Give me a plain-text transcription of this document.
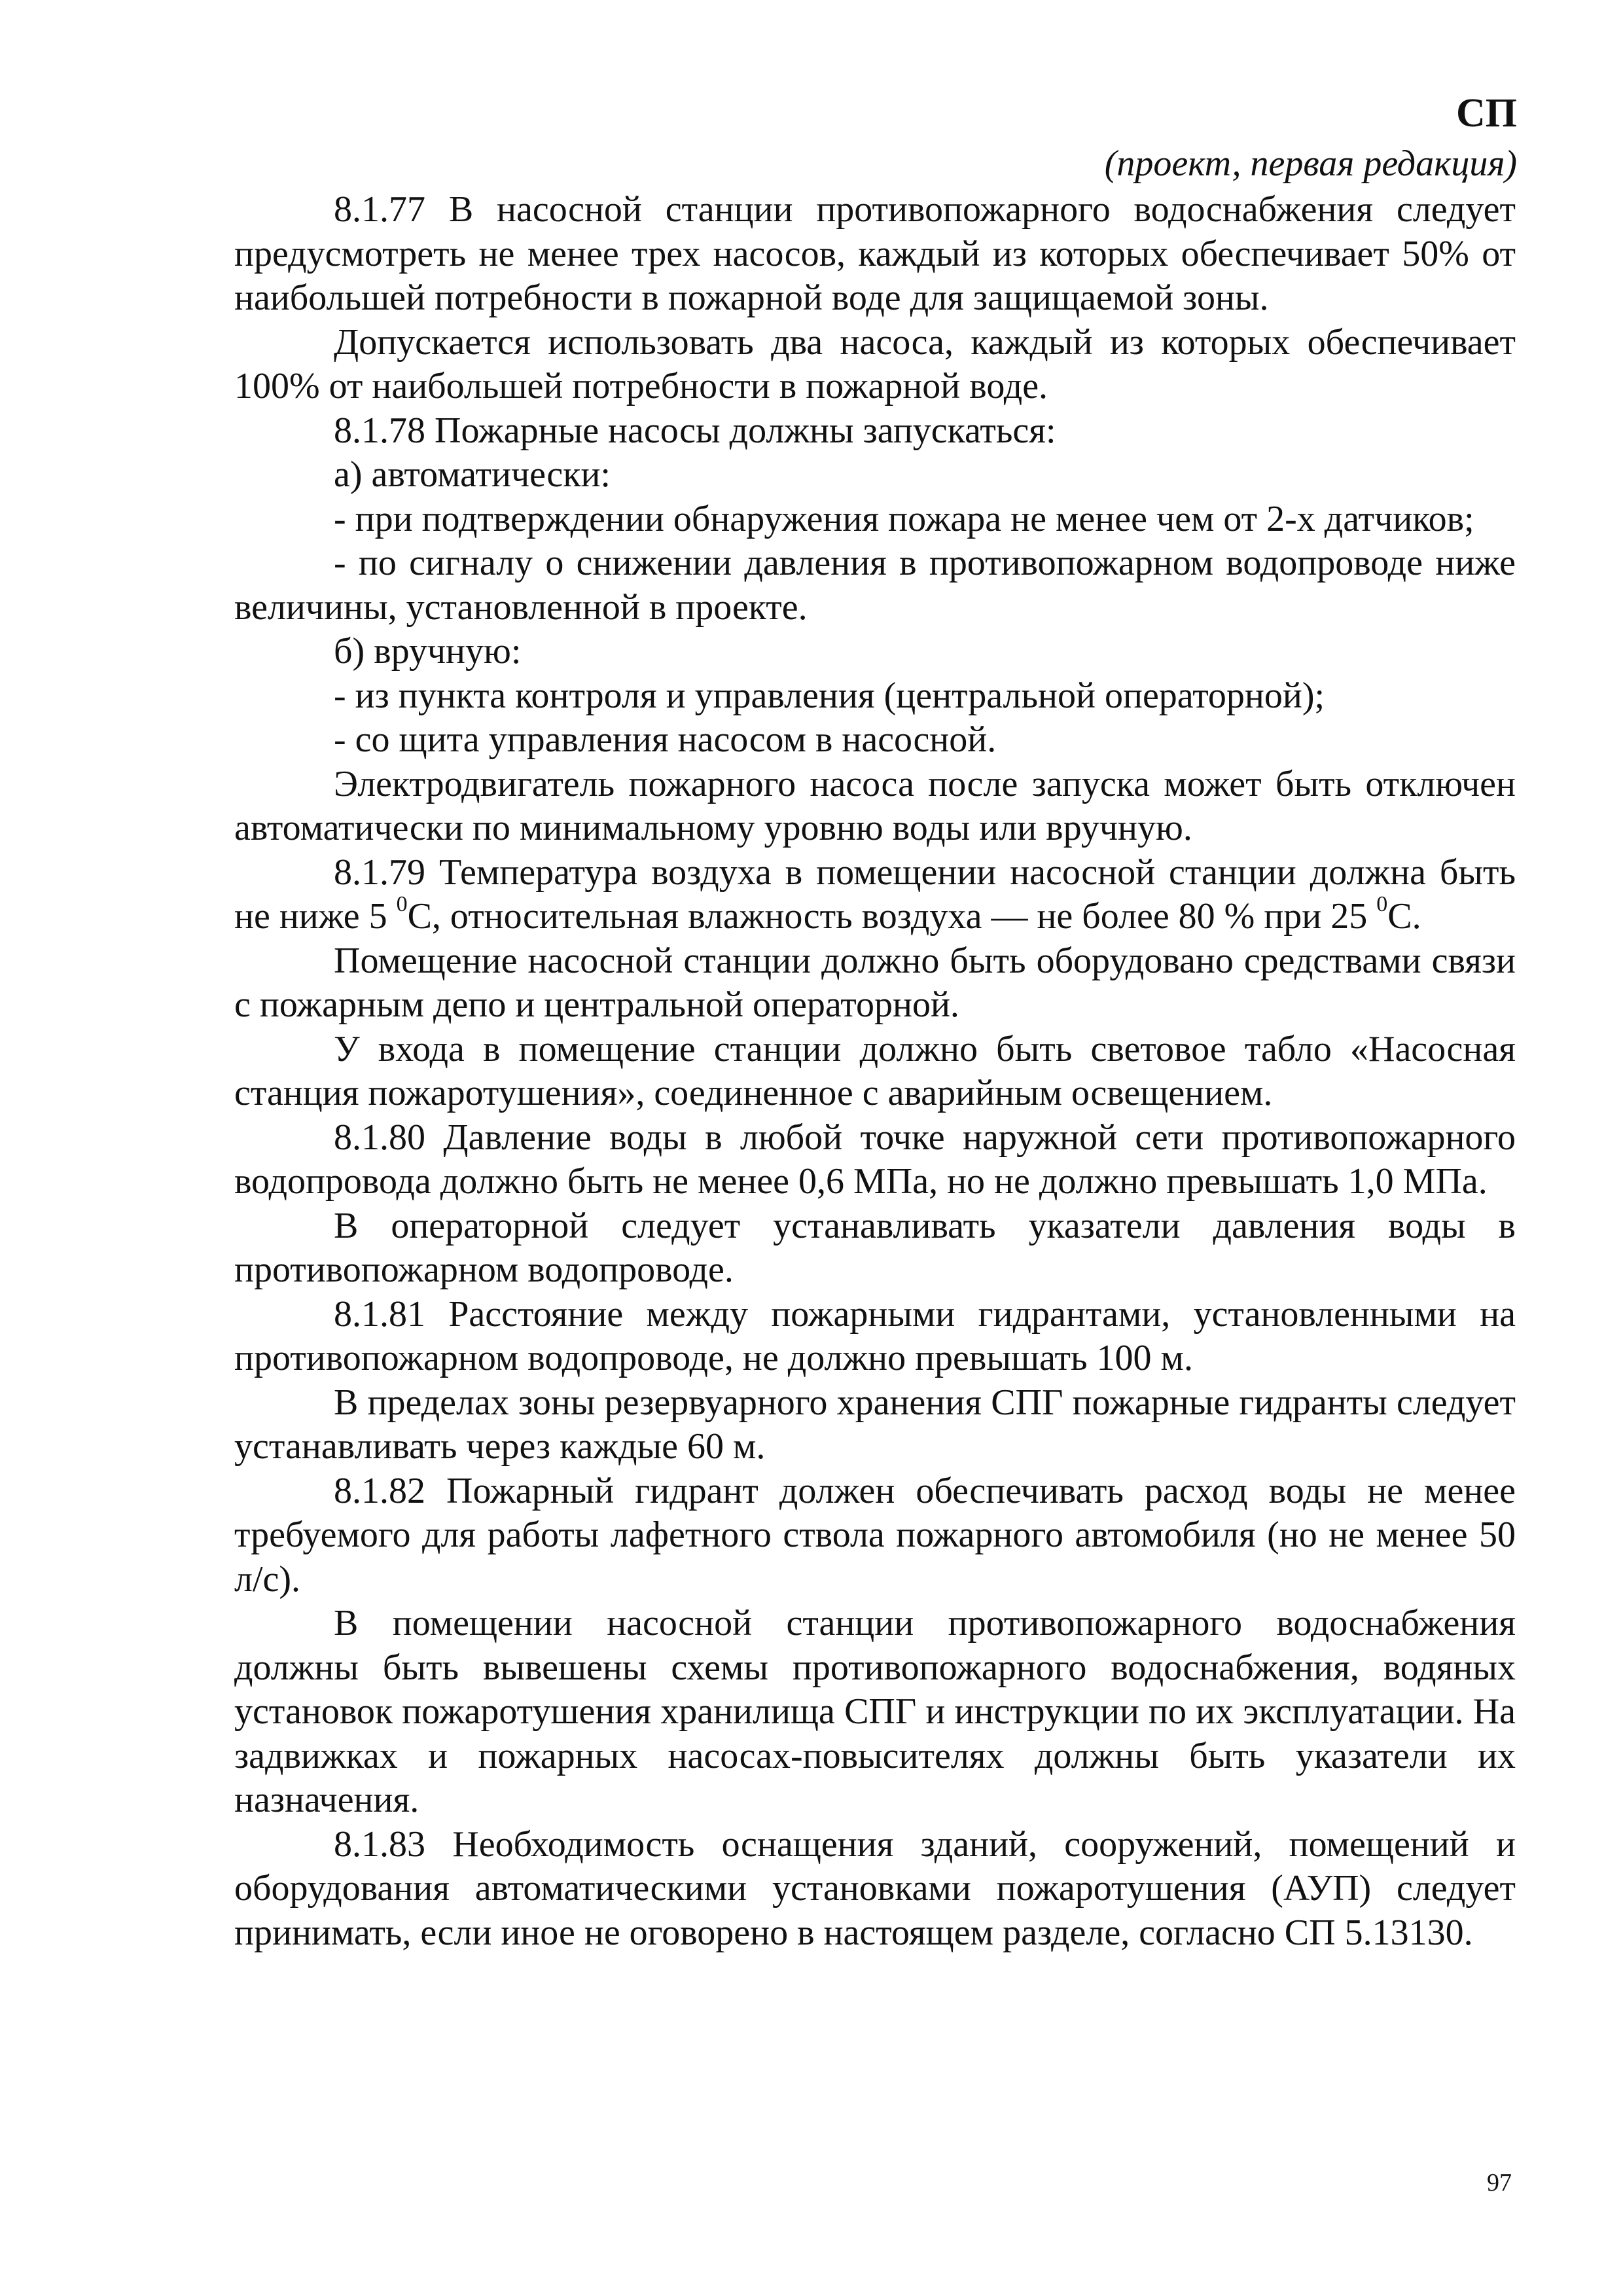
СП
(проект, первая редакция)

8.1.77 В насосной станции противопожарного водоснабжения следует предусмотреть не менее трех насосов, каждый из которых обеспечивает 50% от наибольшей потребности в пожарной воде для защищаемой зоны.

Допускается использовать два насоса, каждый из которых обеспечивает 100% от наибольшей потребности в пожарной воде.

8.1.78 Пожарные насосы должны запускаться:

а) автоматически:

- при подтверждении обнаружения пожара не менее чем от 2-х датчиков;

- по сигналу о снижении давления в противопожарном водопроводе ниже величины, установленной в проекте.

б) вручную:

- из пункта контроля и управления (центральной операторной);

- со щита управления насосом в насосной.

Электродвигатель пожарного насоса после запуска может быть отключен автоматически по минимальному уровню воды или вручную.

8.1.79 Температура воздуха в помещении насосной станции должна быть не ниже 5 $^0$С, относительная влажность воздуха — не более 80 % при 25 $^0$С.

Помещение насосной станции должно быть оборудовано средствами связи с пожарным депо и центральной операторной.

У входа в помещение станции должно быть световое табло «Насосная станция пожаротушения», соединенное с аварийным освещением.

8.1.80 Давление воды в любой точке наружной сети противопожарного водопровода должно быть не менее 0,6 МПа, но не должно превышать 1,0 МПа.

В операторной следует устанавливать указатели давления воды в противопожарном водопроводе.

8.1.81 Расстояние между пожарными гидрантами, установленными на противопожарном водопроводе, не должно превышать 100 м.

В пределах зоны резервуарного хранения СПГ пожарные гидранты следует устанавливать через каждые 60 м.

8.1.82 Пожарный гидрант должен обеспечивать расход воды не менее требуемого для работы лафетного ствола пожарного автомобиля (но не менее 50 л/с).

В помещении насосной станции противопожарного водоснабжения должны быть вывешены схемы противопожарного водоснабжения, водяных установок пожаротушения хранилища СПГ и инструкции по их эксплуатации. На задвижках и пожарных насосах-повысителях должны быть указатели их назначения.

8.1.83 Необходимость оснащения зданий, сооружений, помещений и оборудования автоматическими установками пожаротушения (АУП) следует принимать, если иное не оговорено в настоящем разделе, согласно СП 5.13130.

97
